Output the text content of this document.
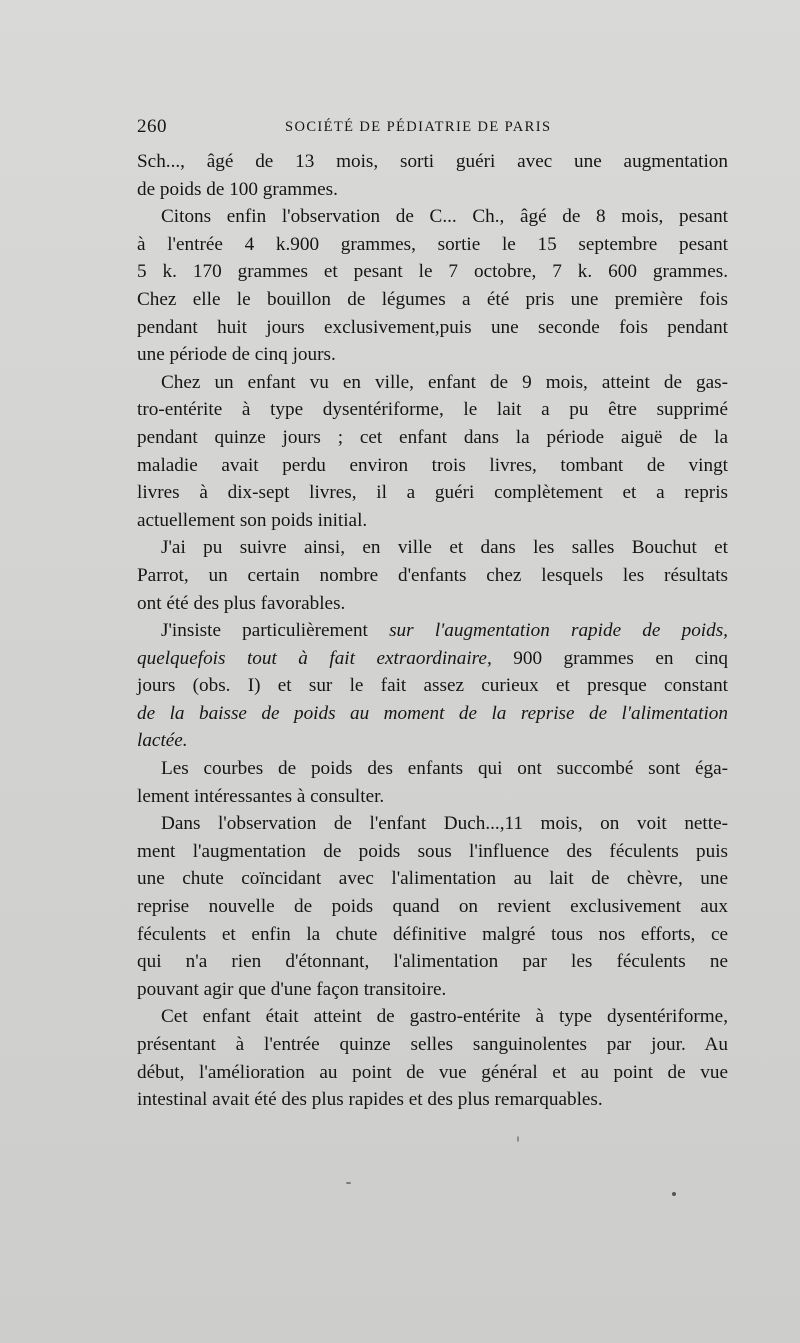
260	SOCIÉTÉ DE PÉDIATRIE DE PARIS
Sch..., âgé de 13 mois, sorti guéri avec une augmentation
de poids de 100 grammes.
Citons enfin l'observation de C... Ch., âgé de 8 mois, pesant
à l'entrée 4 k.900 grammes, sortie le 15 septembre pesant
5 k. 170 grammes et pesant le 7 octobre, 7 k. 600 grammes.
Chez elle le bouillon de légumes a été pris une première fois
pendant huit jours exclusivement,puis une seconde fois pendant
une période de cinq jours.
Chez un enfant vu en ville, enfant de 9 mois, atteint de gas-
tro-entérite à type dysentériforme, le lait a pu être supprimé
pendant quinze jours ; cet enfant dans la période aiguë de la
maladie avait perdu environ trois livres, tombant de vingt
livres à dix-sept livres, il a guéri complètement et a repris
actuellement son poids initial.
J'ai pu suivre ainsi, en ville et dans les salles Bouchut et
Parrot, un certain nombre d'enfants chez lesquels les résultats
ont été des plus favorables.
J'insiste particulièrement sur l'augmentation rapide de poids,
quelquefois tout à fait extraordinaire, 900 grammes en cinq
jours (obs. I) et sur le fait assez curieux et presque constant
de la baisse de poids au moment de la reprise de l'alimentation
lactée.
Les courbes de poids des enfants qui ont succombé sont éga-
lement intéressantes à consulter.
Dans l'observation de l'enfant Duch...,11 mois, on voit nette-
ment l'augmentation de poids sous l'influence des féculents puis
une chute coïncidant avec l'alimentation au lait de chèvre, une
reprise nouvelle de poids quand on revient exclusivement aux
féculents et enfin la chute définitive malgré tous nos efforts, ce
qui n'a rien d'étonnant, l'alimentation par les féculents ne
pouvant agir que d'une façon transitoire.
Cet enfant était atteint de gastro-entérite à type dysentériforme,
présentant à l'entrée quinze selles sanguinolentes par jour. Au
début, l'amélioration au point de vue général et au point de vue
intestinal avait été des plus rapides et des plus remarquables.
